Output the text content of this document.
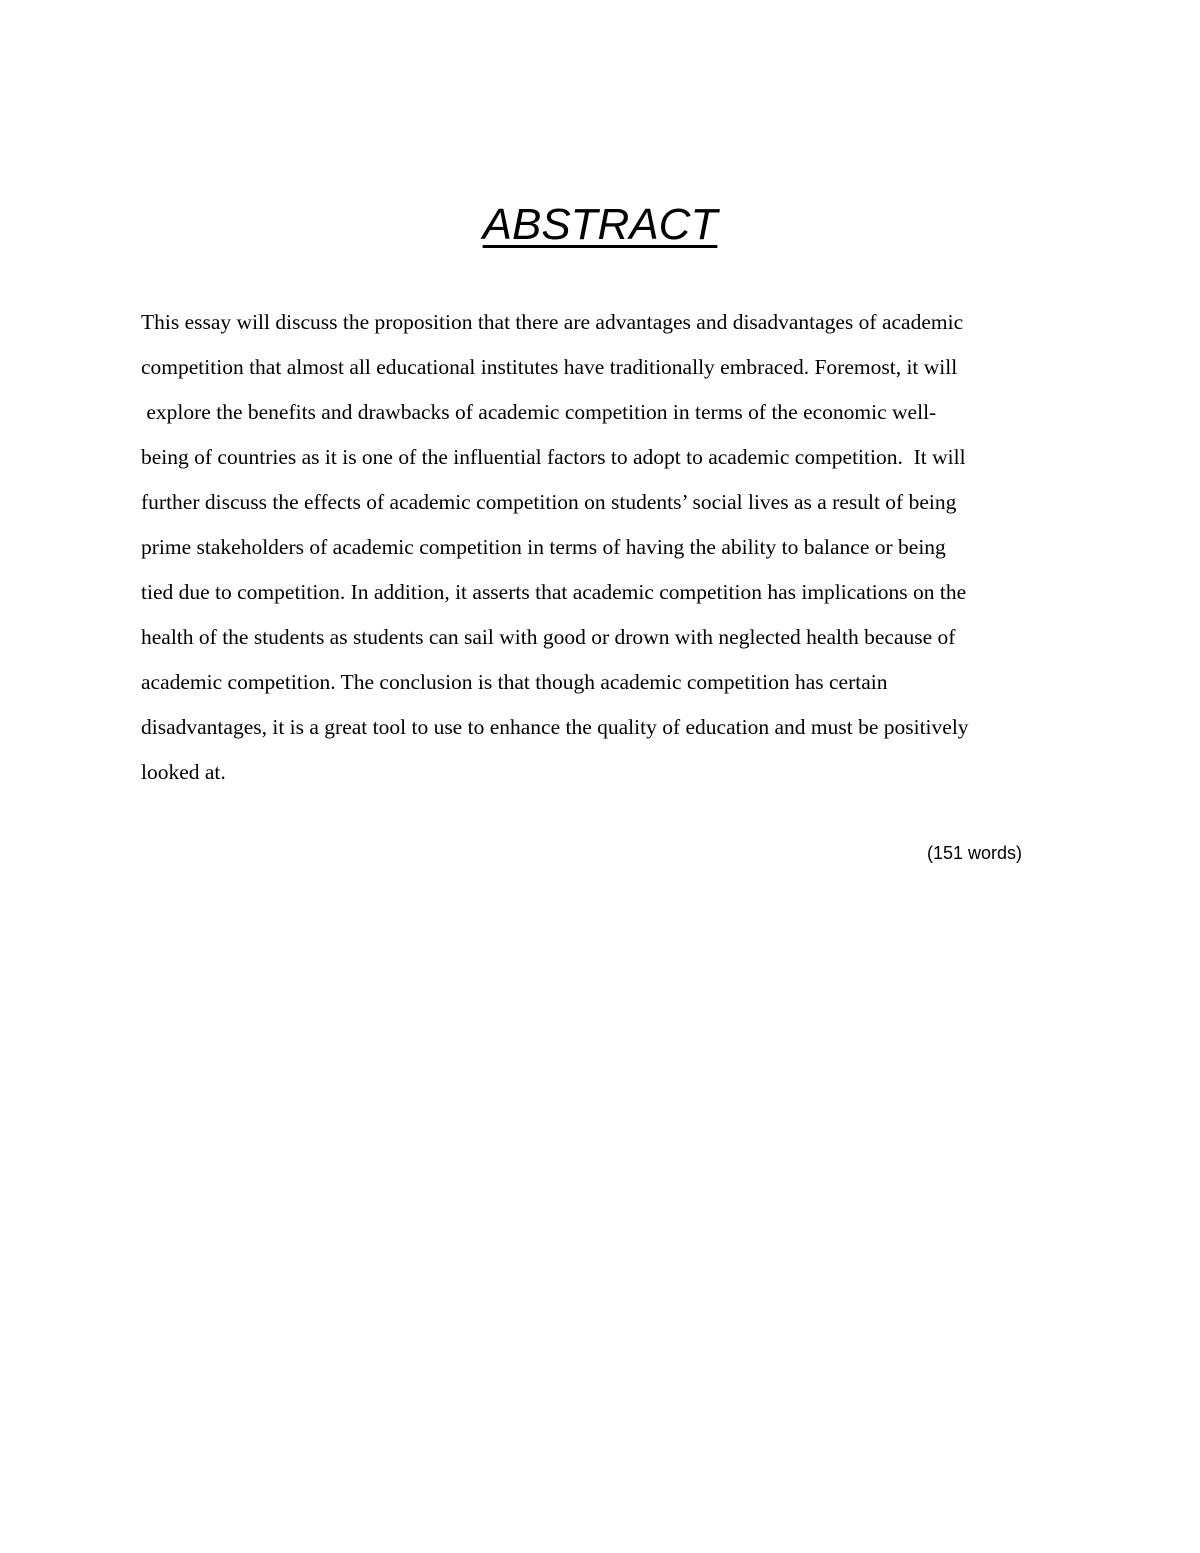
ABSTRACT
This essay will discuss the proposition that there are advantages and disadvantages of academic
competition that almost all educational institutes have traditionally embraced. Foremost, it will
explore the benefits and drawbacks of academic competition in terms of the economic well-
being of countries as it is one of the influential factors to adopt to academic competition.  It will
further discuss the effects of academic competition on students’ social lives as a result of being
prime stakeholders of academic competition in terms of having the ability to balance or being
tied due to competition. In addition, it asserts that academic competition has implications on the
health of the students as students can sail with good or drown with neglected health because of
academic competition. The conclusion is that though academic competition has certain
disadvantages, it is a great tool to use to enhance the quality of education and must be positively
looked at.
(151 words)
